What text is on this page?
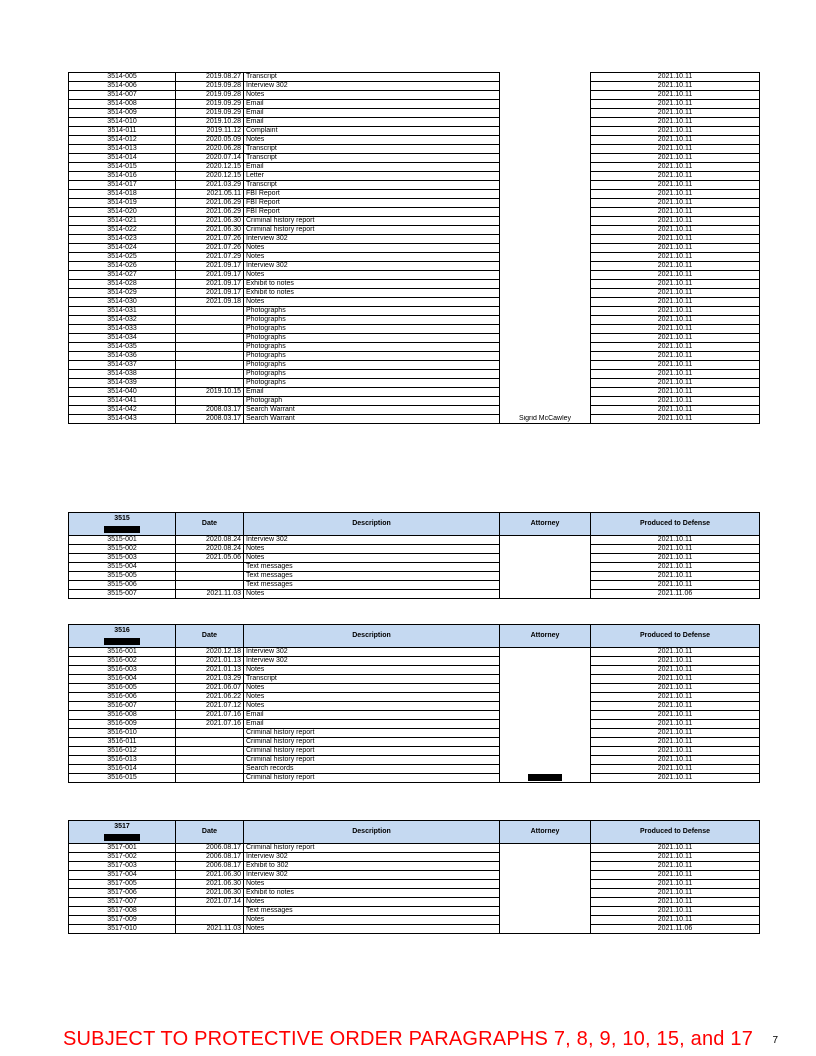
3514-005	2019.08.27	Transcript		2021.10.11
3514-006	2019.09.28	Interview 302		2021.10.11
3514-007	2019.09.28	Notes		2021.10.11
3514-008	2019.09.29	Email		2021.10.11
3514-009	2019.09.29	Email		2021.10.11
3514-010	2019.10.28	Email		2021.10.11
3514-011	2019.11.12	Complaint		2021.10.11
3514-012	2020.05.09	Notes		2021.10.11
3514-013	2020.06.28	Transcript		2021.10.11
3514-014	2020.07.14	Transcript		2021.10.11
3514-015	2020.12.15	Email		2021.10.11
3514-016	2020.12.15	Letter		2021.10.11
3514-017	2021.03.29	Transcript		2021.10.11
3514-018	2021.05.11	FBI Report		2021.10.11
3514-019	2021.06.29	FBI Report		2021.10.11
3514-020	2021.06.29	FBI Report		2021.10.11
3514-021	2021.06.30	Criminal history report		2021.10.11
3514-022	2021.06.30	Criminal history report		2021.10.11
3514-023	2021.07.26	Interview 302		2021.10.11
3514-024	2021.07.26	Notes		2021.10.11
3514-025	2021.07.29	Notes		2021.10.11
3514-026	2021.09.17	Interview 302		2021.10.11
3514-027	2021.09.17	Notes		2021.10.11
3514-028	2021.09.17	Exhibit to notes		2021.10.11
3514-029	2021.09.17	Exhibit to notes		2021.10.11
3514-030	2021.09.18	Notes		2021.10.11
3514-031		Photographs		2021.10.11
3514-032		Photographs		2021.10.11
3514-033		Photographs		2021.10.11
3514-034		Photographs		2021.10.11
3514-035		Photographs		2021.10.11
3514-036		Photographs		2021.10.11
3514-037		Photographs		2021.10.11
3514-038		Photographs		2021.10.11
3514-039		Photographs		2021.10.11
3514-040	2019.10.15	Email		2021.10.11
3514-041		Photograph		2021.10.11
3514-042	2008.03.17	Search Warrant		2021.10.11
3514-043	2008.03.17	Search Warrant	Sigrid McCawley	2021.10.11
3515	Date	Description	Attorney	Produced to Defense
3515-001	2020.08.24	Interview 302		2021.10.11
3515-002	2020.08.24	Notes		2021.10.11
3515-003	2021.05.06	Notes		2021.10.11
3515-004		Text messages		2021.10.11
3515-005		Text messages		2021.10.11
3515-006		Text messages		2021.10.11
3515-007	2021.11.03	Notes		2021.11.06
3516	Date	Description	Attorney	Produced to Defense
3516-001	2020.12.18	Interview 302		2021.10.11
3516-002	2021.01.13	Interview 302		2021.10.11
3516-003	2021.01.13	Notes		2021.10.11
3516-004	2021.03.29	Transcript		2021.10.11
3516-005	2021.06.07	Notes		2021.10.11
3516-006	2021.06.22	Notes		2021.10.11
3516-007	2021.07.12	Notes		2021.10.11
3516-008	2021.07.16	Email		2021.10.11
3516-009	2021.07.16	Email		2021.10.11
3516-010		Criminal history report		2021.10.11
3516-011		Criminal history report		2021.10.11
3516-012		Criminal history report		2021.10.11
3516-013		Criminal history report		2021.10.11
3516-014		Search records		2021.10.11
3516-015		Criminal history report		2021.10.11
3517	Date	Description	Attorney	Produced to Defense
3517-001	2006.08.17	Criminal history report		2021.10.11
3517-002	2006.08.17	Interview 302		2021.10.11
3517-003	2006.08.17	Exhibit to 302		2021.10.11
3517-004	2021.06.30	Interview 302		2021.10.11
3517-005	2021.06.30	Notes		2021.10.11
3517-006	2021.06.30	Exhibit to notes		2021.10.11
3517-007	2021.07.14	Notes		2021.10.11
3517-008		Text messages		2021.10.11
3517-009		Notes		2021.10.11
3517-010	2021.11.03	Notes		2021.11.06
SUBJECT TO PROTECTIVE ORDER PARAGRAPHS 7, 8, 9, 10, 15, and 17	7
